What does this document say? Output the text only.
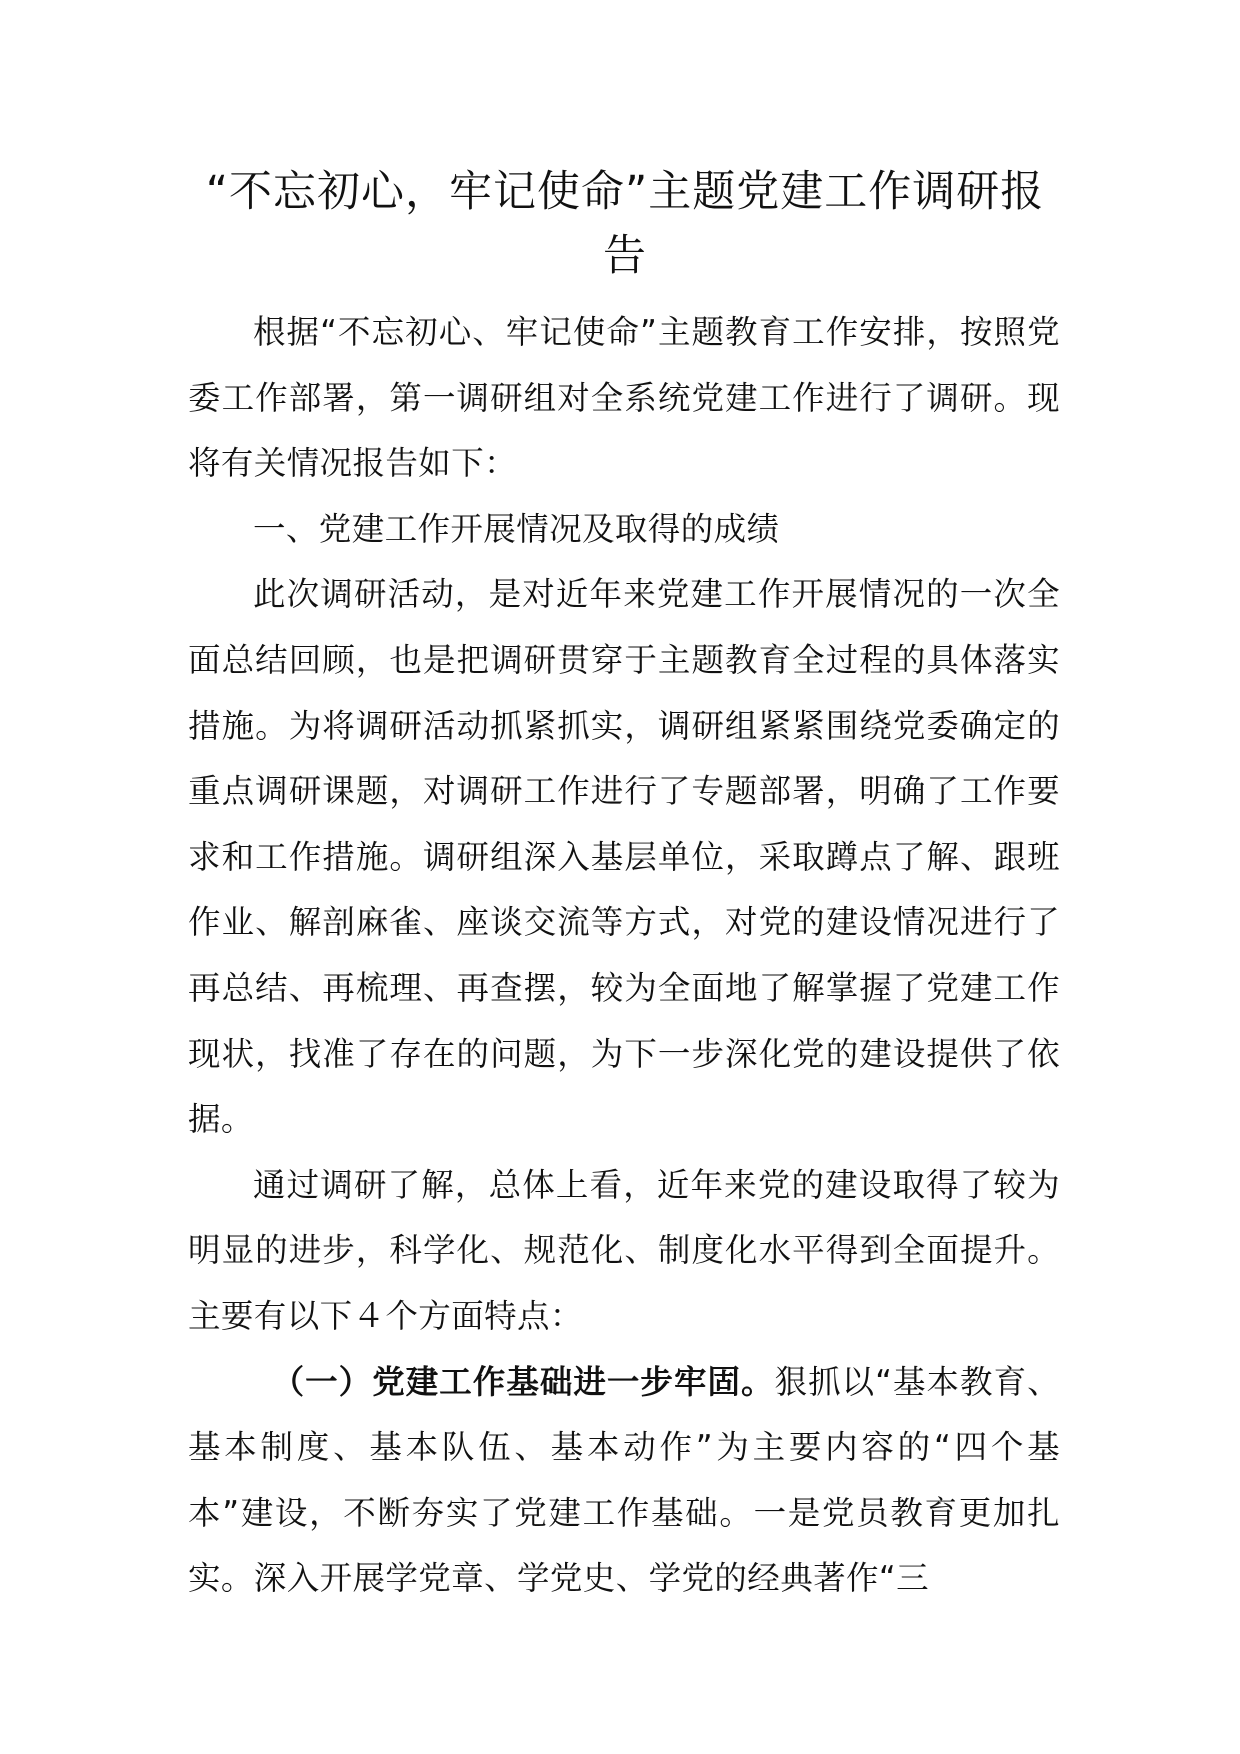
“不忘初心，牢记使命”主题党建工作调研报告

根据“不忘初心、牢记使命”主题教育工作安排，按照党委工作部署，第一调研组对全系统党建工作进行了调研。现将有关情况报告如下：

一、党建工作开展情况及取得的成绩

此次调研活动，是对近年来党建工作开展情况的一次全面总结回顾，也是把调研贯穿于主题教育全过程的具体落实措施。为将调研活动抓紧抓实，调研组紧紧围绕党委确定的重点调研课题，对调研工作进行了专题部署，明确了工作要求和工作措施。调研组深入基层单位，采取蹲点了解、跟班作业、解剖麻雀、座谈交流等方式，对党的建设情况进行了再总结、再梳理、再查摆，较为全面地了解掌握了党建工作现状，找准了存在的问题，为下一步深化党的建设提供了依据。

通过调研了解，总体上看，近年来党的建设取得了较为明显的进步，科学化、规范化、制度化水平得到全面提升。主要有以下４个方面特点：

（一）党建工作基础进一步牢固。狠抓以“基本教育、基本制度、基本队伍、基本动作”为主要内容的“四个基本”建设，不断夯实了党建工作基础。一是党员教育更加扎实。深入开展学党章、学党史、学党的经典著作“三
